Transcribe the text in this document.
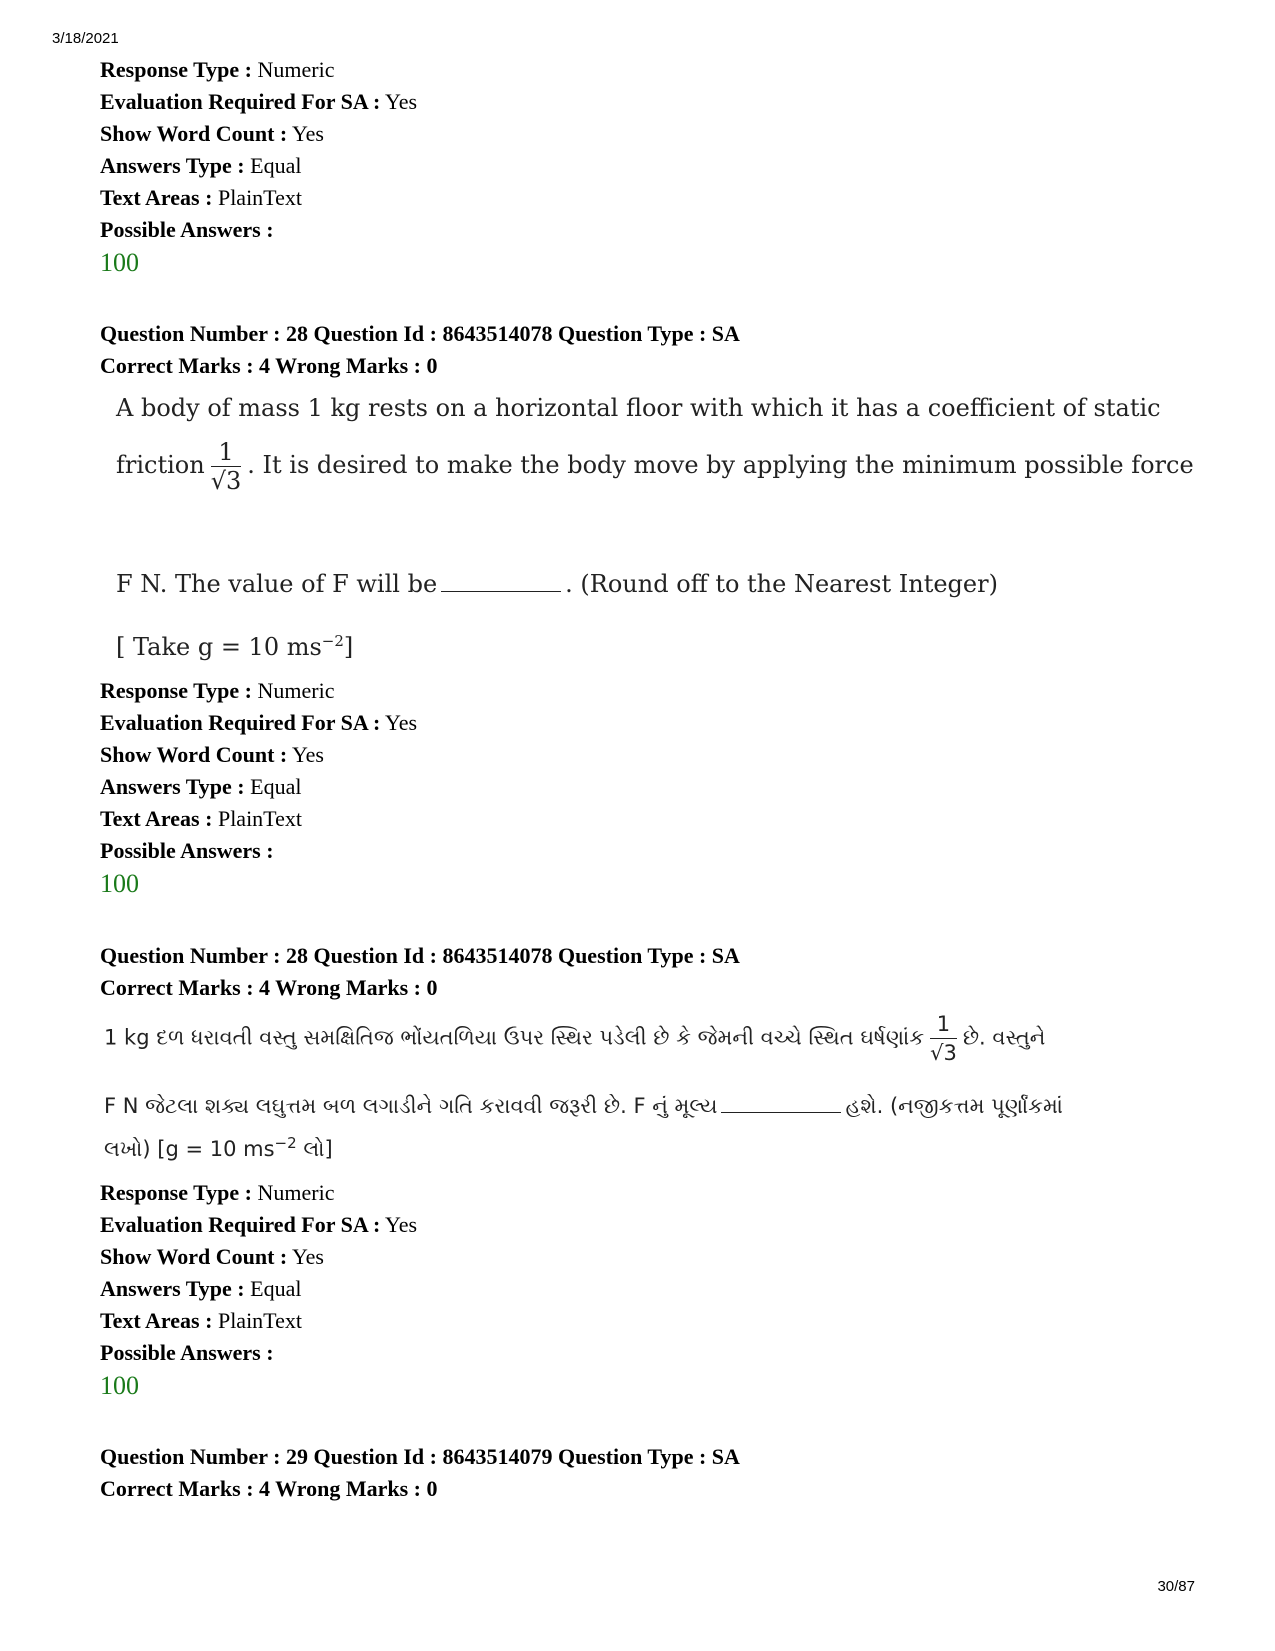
3/18/2021
Response Type : Numeric
Evaluation Required For SA : Yes
Show Word Count : Yes
Answers Type : Equal
Text Areas : PlainText
Possible Answers :
100
Question Number : 28 Question Id : 8643514078 Question Type : SA
Correct Marks : 4 Wrong Marks : 0
A body of mass 1 kg rests on a horizontal floor with which it has a coefficient of static
friction $\frac{1}{√3}$ . It is desired to make the body move by applying the minimum possible force
F N. The value of F will be	. (Round off to the Nearest Integer)
[ Take g = 10 $ms^{-2}$]
Response Type : Numeric
Evaluation Required For SA : Yes
Show Word Count : Yes
Answers Type : Equal
Text Areas : PlainText
Possible Answers :
100
Question Number : 28 Question Id : 8643514078 Question Type : SA
Correct Marks : 4 Wrong Marks : 0
1 kg દળ ધરાવતી વસ્તુ સમક્ષિતિજ ભોંયતળિયા ઉપર સ્થિર પડેલી છે કે જેમની વચ્ચે સ્થિત ઘર્ષણાંક $\frac{1}{√3}$ છે. વસ્તુને
F N જેટલા શક્ય લઘુત્તમ બળ લગાડીને ગતિ કરાવવી જરૂરી છે. F નું મૂલ્ય	હશે. (નજીકત્તમ પૂર્ણાંકમાં
લખો) [g = 10 $ms^{-2}$ લો]
Response Type : Numeric
Evaluation Required For SA : Yes
Show Word Count : Yes
Answers Type : Equal
Text Areas : PlainText
Possible Answers :
100
Question Number : 29 Question Id : 8643514079 Question Type : SA
Correct Marks : 4 Wrong Marks : 0
30/87
